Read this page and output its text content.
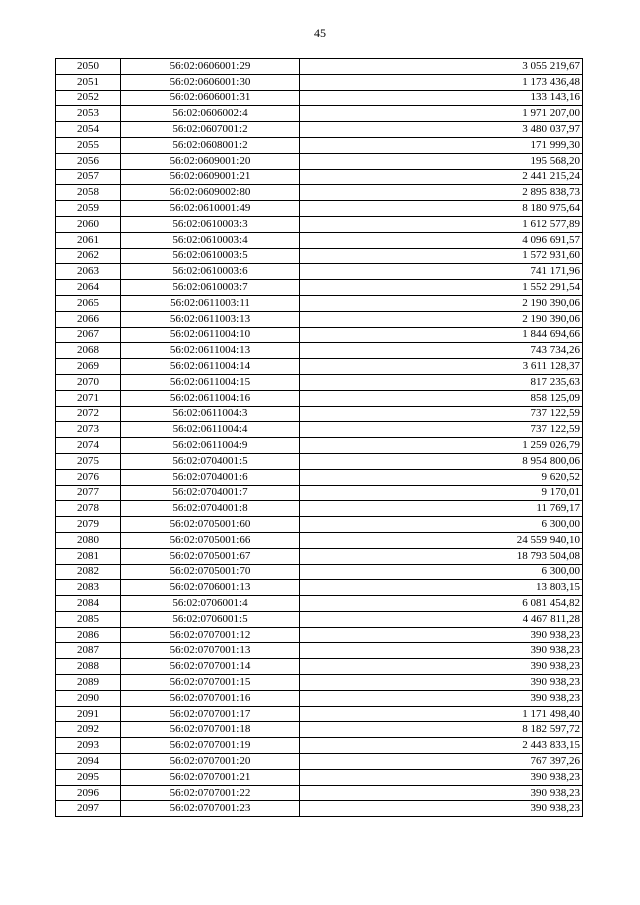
45
2050	56:02:0606001:29	3 055 219,67
2051	56:02:0606001:30	1 173 436,48
2052	56:02:0606001:31	133 143,16
2053	56:02:0606002:4	1 971 207,00
2054	56:02:0607001:2	3 480 037,97
2055	56:02:0608001:2	171 999,30
2056	56:02:0609001:20	195 568,20
2057	56:02:0609001:21	2 441 215,24
2058	56:02:0609002:80	2 895 838,73
2059	56:02:0610001:49	8 180 975,64
2060	56:02:0610003:3	1 612 577,89
2061	56:02:0610003:4	4 096 691,57
2062	56:02:0610003:5	1 572 931,60
2063	56:02:0610003:6	741 171,96
2064	56:02:0610003:7	1 552 291,54
2065	56:02:0611003:11	2 190 390,06
2066	56:02:0611003:13	2 190 390,06
2067	56:02:0611004:10	1 844 694,66
2068	56:02:0611004:13	743 734,26
2069	56:02:0611004:14	3 611 128,37
2070	56:02:0611004:15	817 235,63
2071	56:02:0611004:16	858 125,09
2072	56:02:0611004:3	737 122,59
2073	56:02:0611004:4	737 122,59
2074	56:02:0611004:9	1 259 026,79
2075	56:02:0704001:5	8 954 800,06
2076	56:02:0704001:6	9 620,52
2077	56:02:0704001:7	9 170,01
2078	56:02:0704001:8	11 769,17
2079	56:02:0705001:60	6 300,00
2080	56:02:0705001:66	24 559 940,10
2081	56:02:0705001:67	18 793 504,08
2082	56:02:0705001:70	6 300,00
2083	56:02:0706001:13	13 803,15
2084	56:02:0706001:4	6 081 454,82
2085	56:02:0706001:5	4 467 811,28
2086	56:02:0707001:12	390 938,23
2087	56:02:0707001:13	390 938,23
2088	56:02:0707001:14	390 938,23
2089	56:02:0707001:15	390 938,23
2090	56:02:0707001:16	390 938,23
2091	56:02:0707001:17	1 171 498,40
2092	56:02:0707001:18	8 182 597,72
2093	56:02:0707001:19	2 443 833,15
2094	56:02:0707001:20	767 397,26
2095	56:02:0707001:21	390 938,23
2096	56:02:0707001:22	390 938,23
2097	56:02:0707001:23	390 938,23
